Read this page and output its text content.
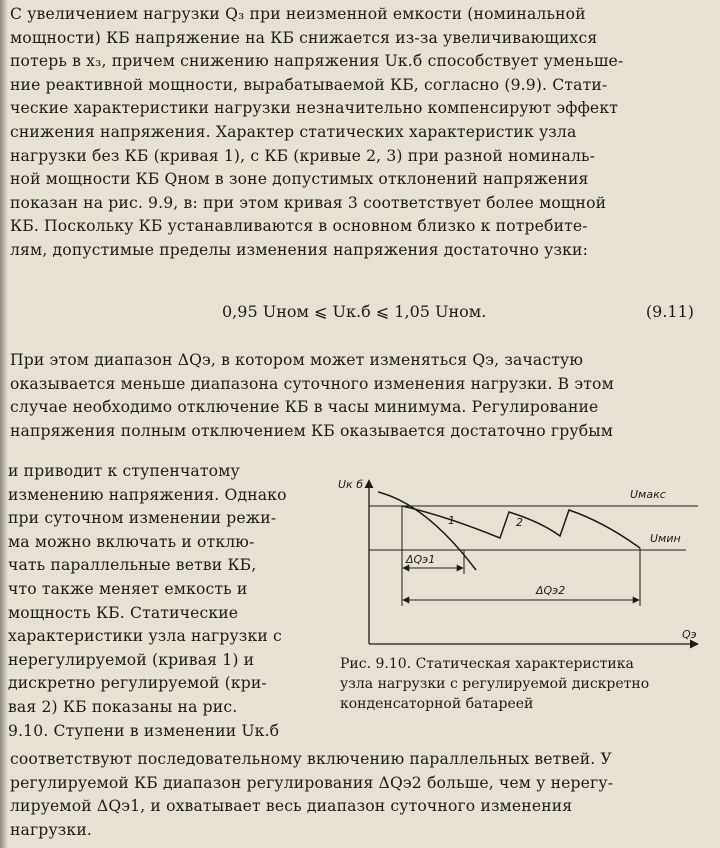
С увеличением нагрузки Q₃ при неизменной емкости (номинальной
мощности) КБ напряжение на КБ снижается из-за увеличивающихся
потерь в x₃, причем снижению напряжения Uк.б способствует уменьше-
ние реактивной мощности, вырабатываемой КБ, согласно (9.9). Стати-
ческие характеристики нагрузки незначительно компенсируют эффект
снижения напряжения. Характер статических характеристик узла
нагрузки без КБ (кривая 1), с КБ (кривые 2, 3) при разной номиналь-
ной мощности КБ Qном в зоне допустимых отклонений напряжения
показан на рис. 9.9, в: при этом кривая 3 соответствует более мощной
КБ. Поскольку КБ устанавливаются в основном близко к потребите-
лям, допустимые пределы изменения напряжения достаточно узки:
0,95 Uном ⩽ Uк.б ⩽ 1,05 Uном.	(9.11)
При этом диапазон ΔQэ, в котором может изменяться Qэ, зачастую
оказывается меньше диапазона суточного изменения нагрузки. В этом
случае необходимо отключение КБ в часы минимума. Регулирование
напряжения полным отключением КБ оказывается достаточно грубым
и приводит к ступенчатому
изменению напряжения. Однако
при суточном изменении режи-
ма можно включать и отклю-
чать параллельные ветви КБ,
что также меняет емкость и
мощность КБ. Статические
характеристики узла нагрузки с
нерегулируемой (кривая 1) и
дискретно регулируемой (кри-
вая 2) КБ показаны на рис.
9.10. Ступени в изменении Uк.б
Uк б
Qэ
Uмакс
Uмин
1	2
ΔQэ1
ΔQэ2
Рис. 9.10. Статическая характеристика
узла нагрузки с регулируемой дискретно
конденсаторной батареей
соответствуют последовательному включению параллельных ветвей. У
регулируемой КБ диапазон регулирования ΔQэ2 больше, чем у нерегу-
лируемой ΔQэ1, и охватывает весь диапазон суточного изменения
нагрузки.
